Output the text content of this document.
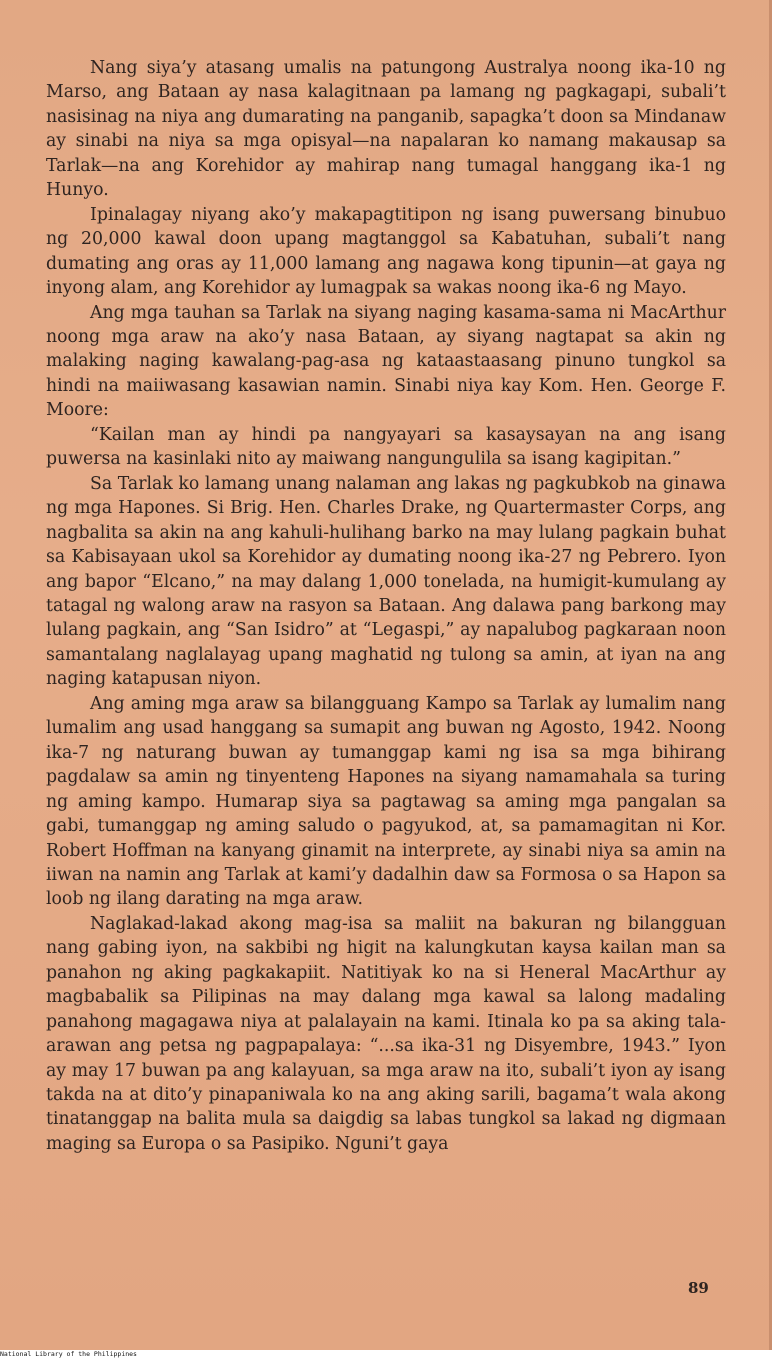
Nang siya’y atasang umalis na patungong Australya noong ika-10 ng Marso, ang Bataan ay nasa kalagitnaan pa lamang ng pagkagapi, subali’t nasisinag na niya ang dumarating na panganib, sapagka’t doon sa Mindanaw ay sinabi na niya sa mga opisyal—na napalaran ko namang makausap sa Tarlak—na ang Korehidor ay mahirap nang tumagal hanggang ika-1 ng Hunyo.

Ipinalagay niyang ako’y makapagtitipon ng isang puwersang binubuo ng 20,000 kawal doon upang magtanggol sa Kabatuhan, subali’t nang dumating ang oras ay 11,000 lamang ang nagawa kong tipunin—at gaya ng inyong alam, ang Korehidor ay lumagpak sa wakas noong ika-6 ng Mayo.

Ang mga tauhan sa Tarlak na siyang naging kasama-sama ni MacArthur noong mga araw na ako’y nasa Bataan, ay siyang nagtapat sa akin ng malaking naging kawalang-pag-asa ng kataastaasang pinuno tungkol sa hindi na maiiwasang kasawian namin. Sinabi niya kay Kom. Hen. George F. Moore:

“Kailan man ay hindi pa nangyayari sa kasaysayan na ang isang puwersa na kasinlaki nito ay maiwang nangungulila sa isang kagipitan.”

Sa Tarlak ko lamang unang nalaman ang lakas ng pagkubkob na ginawa ng mga Hapones. Si Brig. Hen. Charles Drake, ng Quartermaster Corps, ang nagbalita sa akin na ang kahuli-hulihang barko na may lulang pagkain buhat sa Kabisayaan ukol sa Korehidor ay dumating noong ika-27 ng Pebrero. Iyon ang bapor “Elcano,” na may dalang 1,000 tonelada, na humigit-kumulang ay tatagal ng walong araw na rasyon sa Bataan. Ang dalawa pang barkong may lulang pagkain, ang “San Isidro” at “Legaspi,” ay napalubog pagkaraan noon samantalang naglalayag upang maghatid ng tulong sa amin, at iyan na ang naging katapusan niyon.

Ang aming mga araw sa bilangguang Kampo sa Tarlak ay lumalim nang lumalim ang usad hanggang sa sumapit ang buwan ng Agosto, 1942. Noong ika-7 ng naturang buwan ay tumanggap kami ng isa sa mga bihirang pagdalaw sa amin ng tinyenteng Hapones na siyang namamahala sa turing ng aming kampo. Humarap siya sa pagtawag sa aming mga pangalan sa gabi, tumanggap ng aming saludo o pagyukod, at, sa pamamagitan ni Kor. Robert Hoffman na kanyang ginamit na interprete, ay sinabi niya sa amin na iiwan na namin ang Tarlak at kami’y dadalhin daw sa Formosa o sa Hapon sa loob ng ilang darating na mga araw.

Naglakad-lakad akong mag-isa sa maliit na bakuran ng bilangguan nang gabing iyon, na sakbibi ng higit na kalungkutan kaysa kailan man sa panahon ng aking pagkakapiit. Natitiyak ko na si Heneral MacArthur ay magbabalik sa Pilipinas na may dalang mga kawal sa lalong madaling panahong magagawa niya at palalayain na kami. Itinala ko pa sa aking tala-arawan ang petsa ng pagpapalaya: “...sa ika-31 ng Disyembre, 1943.” Iyon ay may 17 buwan pa ang kalayuan, sa mga araw na ito, subali’t iyon ay isang takda na at dito’y pinapaniwala ko na ang aking sarili, bagama’t wala akong tinatanggap na balita mula sa daigdig sa labas tungkol sa lakad ng digmaan maging sa Europa o sa Pasipiko. Nguni’t gaya

89
National Library of the Philippines
